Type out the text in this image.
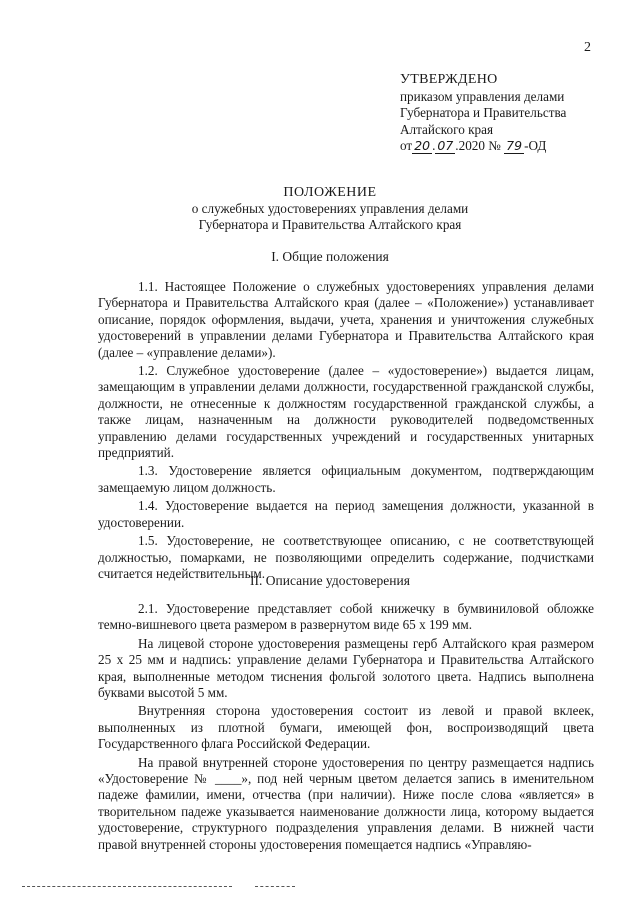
2
УТВЕРЖДЕНО
приказом управления делами
Губернатора и Правительства
Алтайского края
от 20 . 07 .2020 № 79 -ОД
ПОЛОЖЕНИЕ
о служебных удостоверениях управления делами
Губернатора и Правительства Алтайского края
I. Общие положения

1.1. Настоящее Положение о служебных удостоверениях управления делами Губернатора и Правительства Алтайского края (далее – «Положение») устанавливает описание, порядок оформления, выдачи, учета, хранения и уничтожения служебных удостоверений в управлении делами Губернатора и Правительства Алтайского края (далее – «управление делами»).

1.2. Служебное удостоверение (далее – «удостоверение») выдается лицам, замещающим в управлении делами должности, государственной гражданской службы, должности, не отнесенные к должностям государственной гражданской службы, а также лицам, назначенным на должности руководителей подведомственных управлению делами государственных учреждений и государственных унитарных предприятий.

1.3. Удостоверение является официальным документом, подтверждающим замещаемую лицом должность.

1.4. Удостоверение выдается на период замещения должности, указанной в удостоверении.

1.5. Удостоверение, не соответствующее описанию, с не соответствующей должностью, помарками, не позволяющими определить содержание, подчистками считается недействительным.

II. Описание удостоверения

2.1. Удостоверение представляет собой книжечку в бумвиниловой обложке темно-вишневого цвета размером в развернутом виде 65 х 199 мм.

На лицевой стороне удостоверения размещены герб Алтайского края размером 25 х 25 мм и надпись: управление делами Губернатора и Правительства Алтайского края, выполненные методом тиснения фольгой золотого цвета. Надпись выполнена буквами высотой 5 мм.

Внутренняя сторона удостоверения состоит из левой и правой вклеек, выполненных из плотной бумаги, имеющей фон, воспроизводящий цвета Государственного флага Российской Федерации.

На правой внутренней стороне удостоверения по центру размещается надпись «Удостоверение № ____», под ней черным цветом делается запись в именительном падеже фамилии, имени, отчества (при наличии). Ниже после слова «является» в творительном падеже указывается наименование должности лица, которому выдается удостоверение, структурного подразделения управления делами. В нижней части правой внутренней стороны удостоверения помещается надпись «Управляю-
